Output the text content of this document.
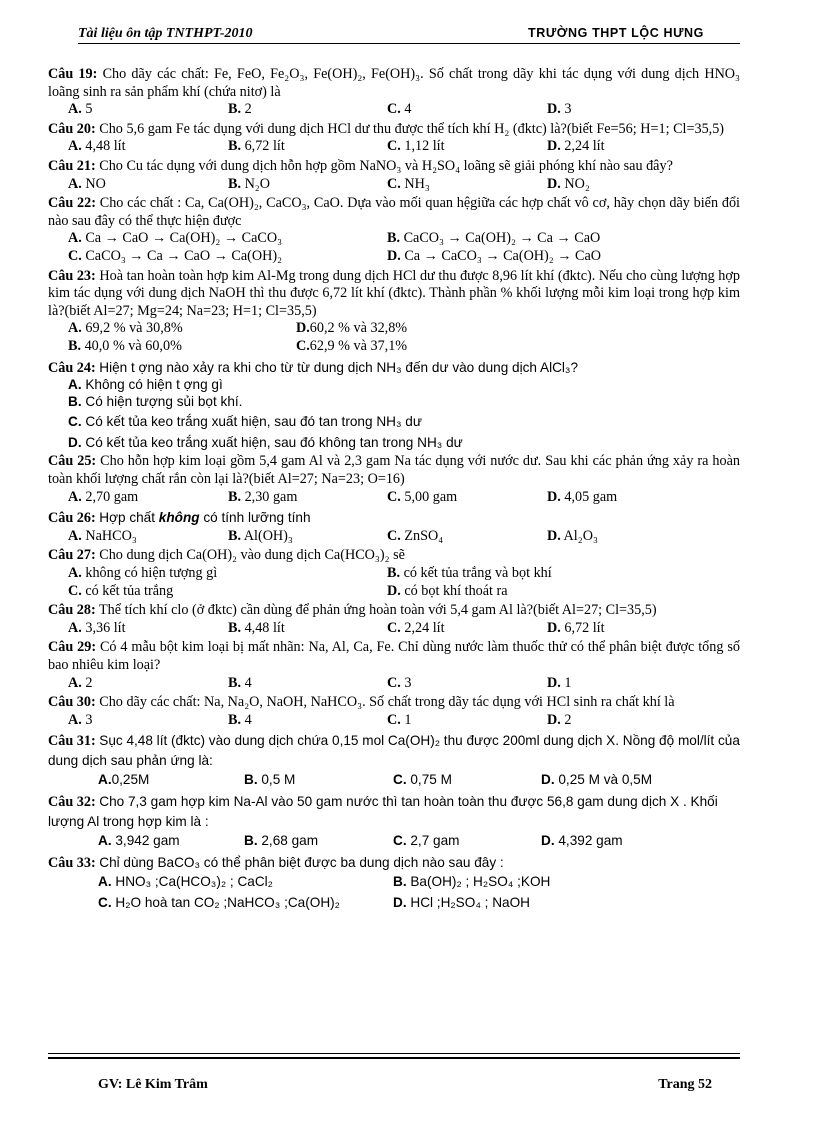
Tài liệu ôn tập TNTHPT-2010	TRƯỜNG THPT LỘC HƯNG
Câu 19: Cho dãy các chất: Fe, FeO, Fe₂O₃, Fe(OH)₂, Fe(OH)₃. Số chất trong dãy khi tác dụng với dung dịch HNO₃ loãng sinh ra sản phẩm khí (chứa nitơ) là
A. 5	B. 2	C. 4	D. 3
Câu 20: Cho 5,6 gam Fe tác dụng với dung dịch HCl dư thu được thể tích khí H₂ (đktc) là?(biết Fe=56; H=1; Cl=35,5)
A. 4,48 lít	B. 6,72 lít	C. 1,12 lít	D. 2,24 lít
Câu 21: Cho Cu tác dụng với dung dịch hỗn hợp gồm NaNO₃ và H₂SO₄ loãng sẽ giải phóng khí nào sau đây?
A. NO	B. N₂O	C. NH₃	D. NO₂
Câu 22: Cho các chất : Ca, Ca(OH)₂, CaCO₃, CaO. Dựa vào mối quan hệgiữa các hợp chất vô cơ, hãy chọn dãy biến đổi nào sau đây có thể thực hiện được
A. Ca → CaO → Ca(OH)₂ → CaCO₃	B. CaCO₃ → Ca(OH)₂ → Ca → CaO
C. CaCO₃ → Ca → CaO → Ca(OH)₂	D. Ca → CaCO₃ → Ca(OH)₂ → CaO
Câu 23: Hoà tan hoàn toàn hợp kim Al-Mg trong dung dịch HCl dư thu được 8,96 lít khí (đktc). Nếu cho cùng lượng hợp kim tác dụng với dung dịch NaOH thì thu được 6,72 lít khí (đktc). Thành phần % khối lượng mỗi kim loại trong hợp kim là?(biết Al=27; Mg=24; Na=23; H=1; Cl=35,5)
A. 69,2 % và 30,8%	D.60,2 % và 32,8%
B. 40,0 % và 60,0%	C.62,9 % và 37,1%
Câu 24: Hiện t ợng nào xảy ra khi cho từ từ dung dịch NH₃ đến dư vào dung dịch AlCl₃?
A. Không có hiện t ợng gì
B. Có hiện tượng sủi bọt khí.
C. Có kết tủa keo trắng xuất hiện, sau đó tan trong NH₃ dư
D. Có kết tủa keo trắng xuất hiện, sau đó không tan trong NH₃ dư
Câu 25: Cho hỗn hợp kim loại gồm 5,4 gam Al và 2,3 gam Na tác dụng với nước dư. Sau khi các phản ứng xảy ra hoàn toàn khối lượng chất rắn còn lại là?(biết Al=27; Na=23; O=16)
A. 2,70 gam	B. 2,30 gam	C. 5,00 gam	D. 4,05 gam
Câu 26: Hợp chất không có tính lưỡng tính
A. NaHCO₃	B. Al(OH)₃	C. ZnSO₄	D. Al₂O₃
Câu 27: Cho dung dịch Ca(OH)₂ vào dung dịch Ca(HCO₃)₂ sẽ
A. không có hiện tượng gì	B. có kết tủa trắng và bọt khí
C. có kết tủa trắng	D. có bọt khí thoát ra
Câu 28: Thể tích khí clo (ở đktc) cần dùng để phản ứng hoàn toàn với 5,4 gam Al là?(biết Al=27; Cl=35,5)
A. 3,36 lít	B. 4,48 lít	C. 2,24 lít	D. 6,72 lít
Câu 29: Có 4 mẫu bột kim loại bị mất nhãn: Na, Al, Ca, Fe. Chỉ dùng nước làm thuốc thử có thể phân biệt được tổng số bao nhiêu kim loại?
A. 2	B. 4	C. 3	D. 1
Câu 30: Cho dãy các chất: Na, Na₂O, NaOH, NaHCO₃. Số chất trong dãy tác dụng với HCl sinh ra chất khí là
A. 3	B. 4	C. 1	D. 2
Câu 31: Sục 4,48 lít (đktc) vào dung dịch chứa 0,15 mol Ca(OH)₂ thu được 200ml dung dịch X. Nồng độ mol/lít của dung dịch sau phản ứng là:
A.0,25M	B. 0,5 M	C. 0,75 M	D. 0,25 M và 0,5M
Câu 32: Cho 7,3 gam hợp kim Na-Al vào 50 gam nước thì tan hoàn toàn thu được 56,8 gam dung dịch X . Khối lượng Al trong hợp kim là :
A. 3,942 gam	B. 2,68 gam	C. 2,7 gam	D. 4,392 gam
Câu 33: Chỉ dùng BaCO₃ có thể phân biệt được ba dung dịch nào sau đây :
A. HNO₃ ;Ca(HCO₃)₂ ; CaCl₂	B. Ba(OH)₂ ; H₂SO₄ ;KOH
C. H₂O hoà tan CO₂ ;NaHCO₃ ;Ca(OH)₂	D. HCl ;H₂SO₄ ; NaOH
GV: Lê Kim Trâm	Trang 52
